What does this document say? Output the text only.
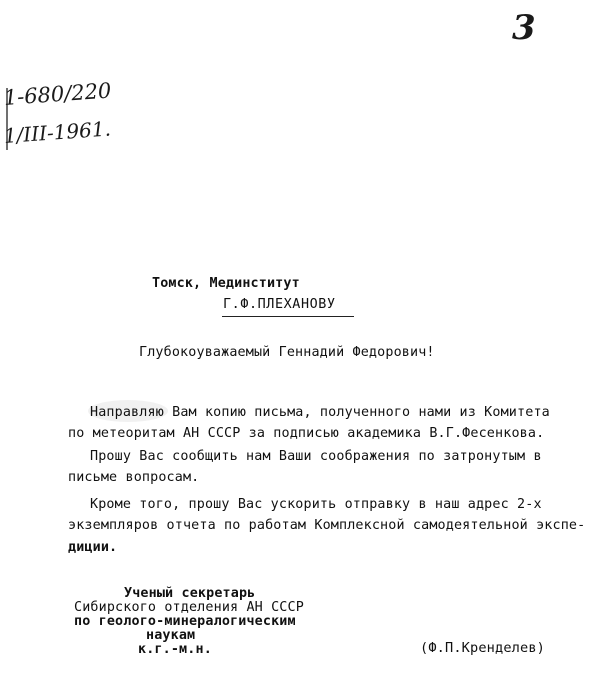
3
1-680/220
1/III-1961.
Томск, Мединститут
Г.Ф.ПЛЕХАНОВУ
Глубокоуважаемый Геннадий Федорович!
Направляю Вам копию письма, полученного нами из Комитета
по метеоритам АН СССР за подписью академика В.Г.Фесенкова.
Прошу Вас сообщить нам Ваши соображения по затронутым в
письме вопросам.
Кроме того, прошу Вас ускорить отправку в наш адрес 2-х
экземпляров отчета по работам Комплексной самодеятельной экспе-
диции.
Ученый секретарь
Сибирского отделения АН СССР
по геолого-минералогическим
наукам
к.г.-м.н.	(Ф.П.Кренделев)
